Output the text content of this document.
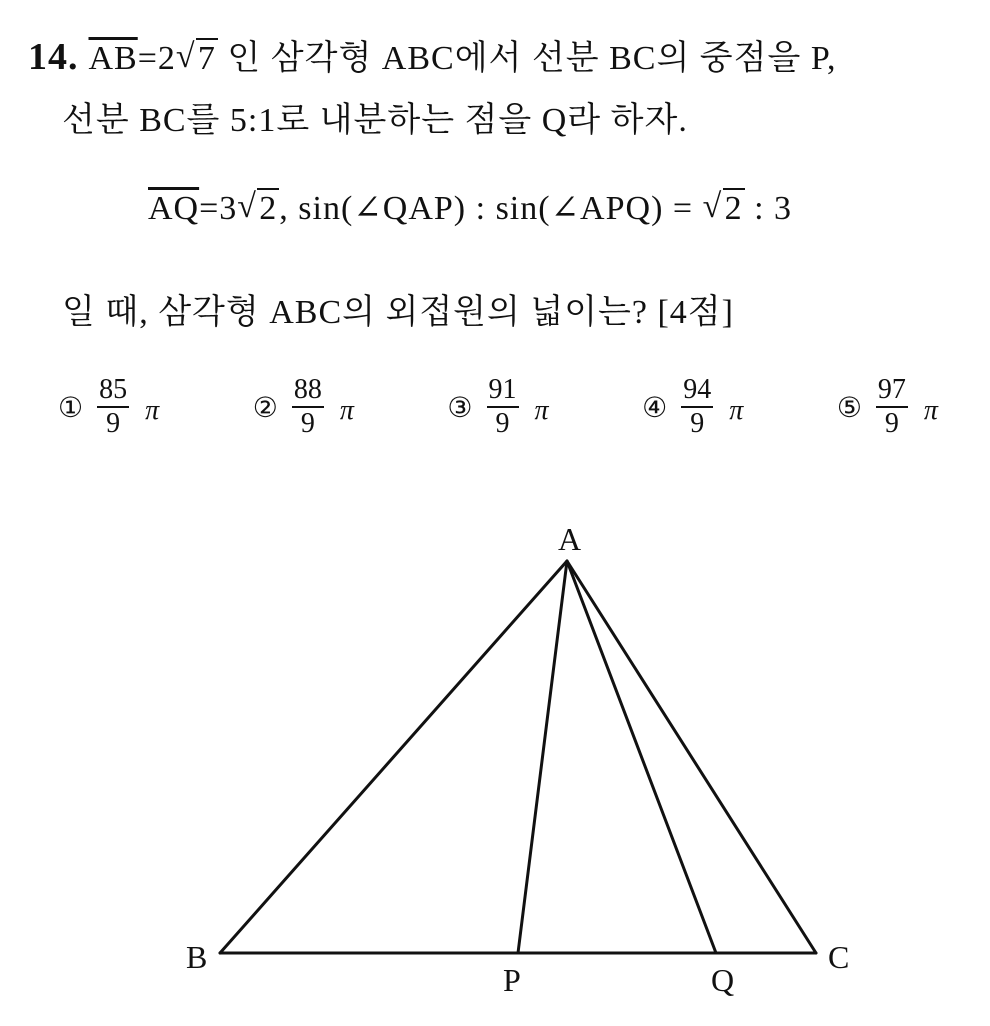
14. $\overline{AB}=2$ √ 7 인 삼각형 ABC에서 선분 BC의 중점을 P,
선분 BC를 5:1로 내분하는 점을 Q라 하자.
$\overline{AQ}=3$ √ 2, sin(∠QAP) : sin(∠APQ) = √ 2 : 3
일 때, 삼각형 ABC의 외접원의 넓이는? [4점]
① $\frac{85}{9}$ π	② $\frac{88}{9}$ π	③ $\frac{91}{9}$ π	④ $\frac{94}{9}$ π	⑤ $\frac{97}{9}$ π
A
B	C
P	Q
